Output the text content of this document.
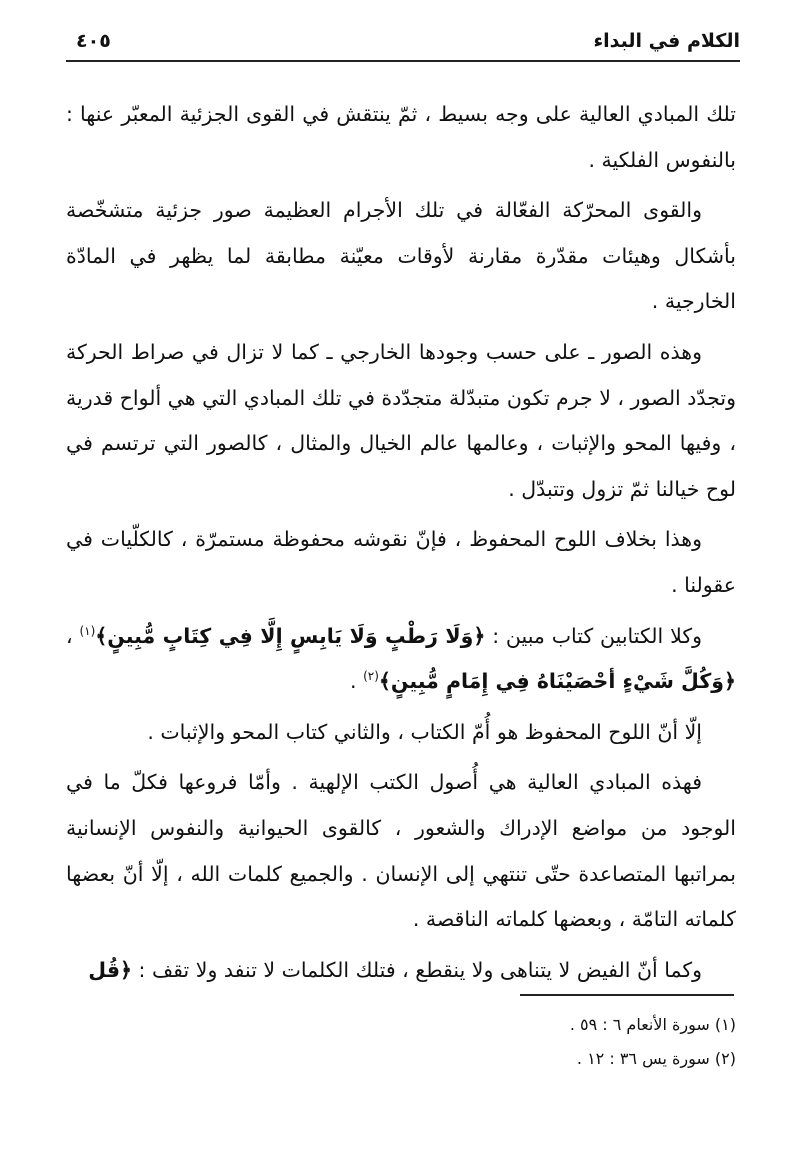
الكلام في البداء
٤٠٥

تلك المبادي العالية على وجه بسيط ، ثمّ ينتقش في القوى الجزئية المعبّر عنها : بالنفوس الفلكية .

والقوى المحرّكة الفعّالة في تلك الأجرام العظيمة صور جزئية متشخّصة بأشكال وهيئات مقدّرة مقارنة لأوقات معيّنة مطابقة لما يظهر في المادّة الخارجية .

وهذه الصور ـ على حسب وجودها الخارجي ـ كما لا تزال في صراط الحركة وتجدّد الصور ، لا جرم تكون متبدّلة متجدّدة في تلك المبادي التي هي ألواح قدرية ، وفيها المحو والإثبات ، وعالمها عالم الخيال والمثال ، كالصور التي ترتسم في لوح خيالنا ثمّ تزول وتتبدّل .

وهذا بخلاف اللوح المحفوظ ، فإنّ نقوشه محفوظة مستمرّة ، كالكلّيات في عقولنا .

وكلا الكتابين كتاب مبين : ﴿وَلَا رَطْبٍ وَلَا يَابِسٍ إِلَّا فِي كِتَابٍ مُّبِينٍ﴾$^{(١)}$ ، ﴿وَكُلَّ شَيْءٍ أحْصَيْنَاهُ فِي إِمَامٍ مُّبِينٍ﴾$^{(٢)}$ .

إلّا أنّ اللوح المحفوظ هو أُمّ الكتاب ، والثاني كتاب المحو والإثبات .

فهذه المبادي العالية هي أُصول الكتب الإلهية . وأمّا فروعها فكلّ ما في الوجود من مواضع الإدراك والشعور ، كالقوى الحيوانية والنفوس الإنسانية بمراتبها المتصاعدة حتّى تنتهي إلى الإنسان . والجميع كلمات الله ، إلّا أنّ بعضها كلماته التامّة ، وبعضها كلماته الناقصة .

وكما أنّ الفيض لا يتناهى ولا ينقطع ، فتلك الكلمات لا تنفد ولا تقف : ﴿قُل

(١) سورة الأنعام ٦ : ٥٩ .
(٢) سورة يس ٣٦ : ١٢ .
